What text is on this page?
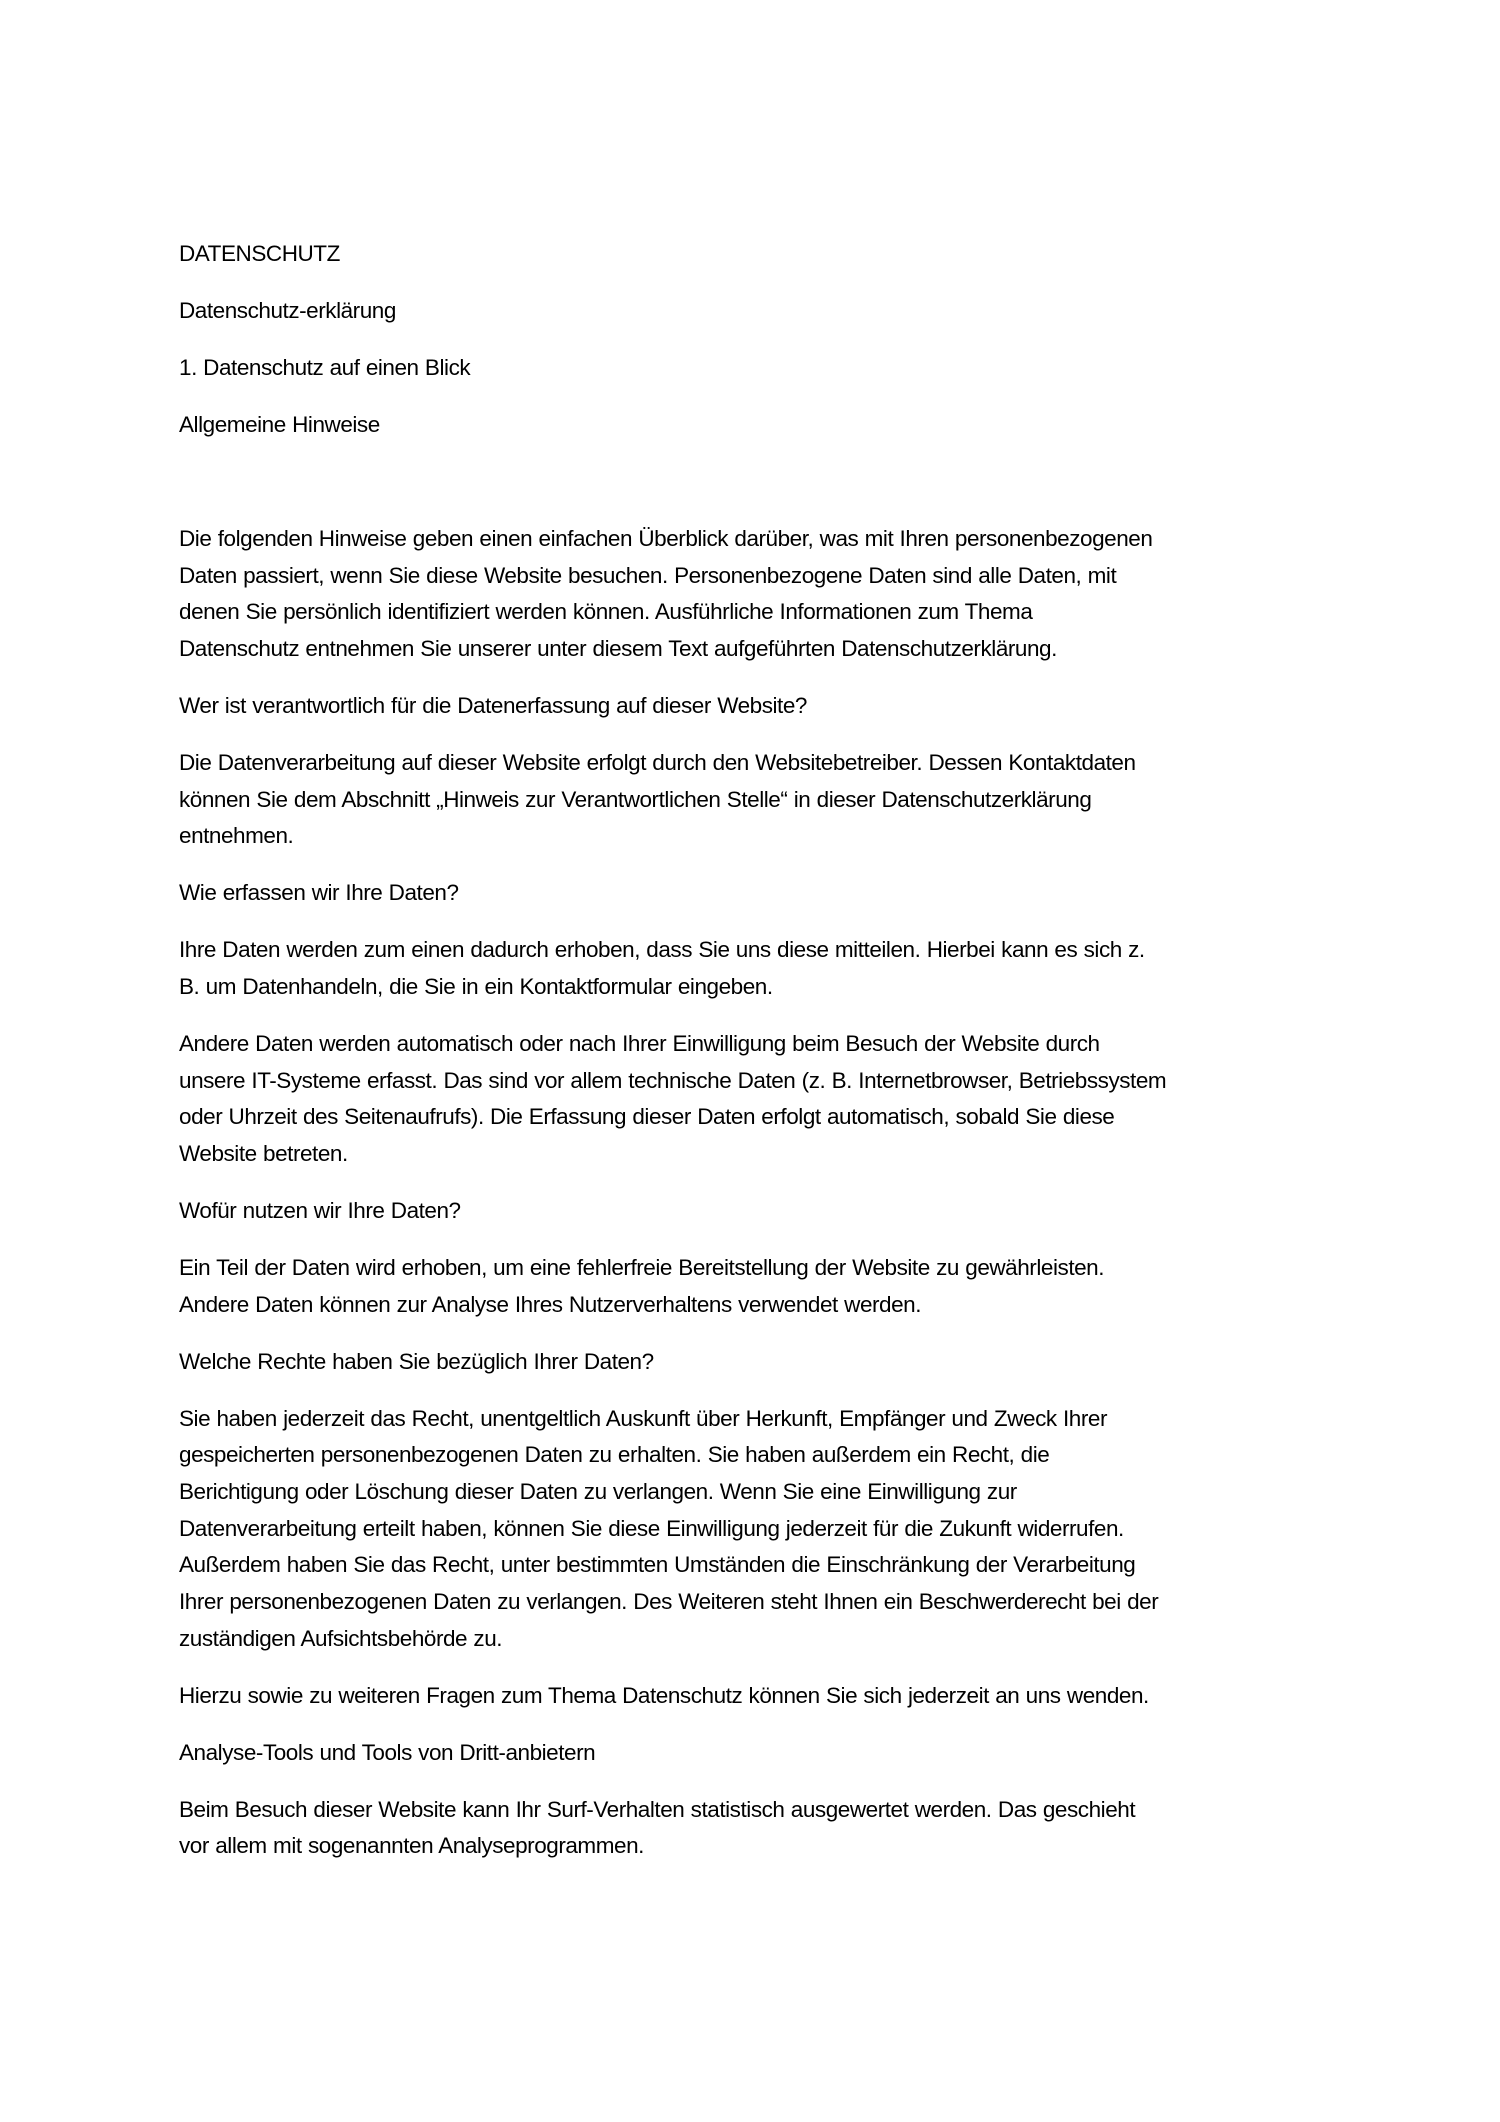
DATENSCHUTZ

Datenschutz-erklärung

1. Datenschutz auf einen Blick

Allgemeine Hinweise

Die folgenden Hinweise geben einen einfachen Überblick darüber, was mit Ihren personenbezogenen
Daten passiert, wenn Sie diese Website besuchen. Personenbezogene Daten sind alle Daten, mit
denen Sie persönlich identifiziert werden können. Ausführliche Informationen zum Thema
Datenschutz entnehmen Sie unserer unter diesem Text aufgeführten Datenschutzerklärung.

Wer ist verantwortlich für die Datenerfassung auf dieser Website?

Die Datenverarbeitung auf dieser Website erfolgt durch den Websitebetreiber. Dessen Kontaktdaten
können Sie dem Abschnitt „Hinweis zur Verantwortlichen Stelle“ in dieser Datenschutzerklärung
entnehmen.

Wie erfassen wir Ihre Daten?

Ihre Daten werden zum einen dadurch erhoben, dass Sie uns diese mitteilen. Hierbei kann es sich z.
B. um Datenhandeln, die Sie in ein Kontaktformular eingeben.

Andere Daten werden automatisch oder nach Ihrer Einwilligung beim Besuch der Website durch
unsere IT-Systeme erfasst. Das sind vor allem technische Daten (z. B. Internetbrowser, Betriebssystem
oder Uhrzeit des Seitenaufrufs). Die Erfassung dieser Daten erfolgt automatisch, sobald Sie diese
Website betreten.

Wofür nutzen wir Ihre Daten?

Ein Teil der Daten wird erhoben, um eine fehlerfreie Bereitstellung der Website zu gewährleisten.
Andere Daten können zur Analyse Ihres Nutzerverhaltens verwendet werden.

Welche Rechte haben Sie bezüglich Ihrer Daten?

Sie haben jederzeit das Recht, unentgeltlich Auskunft über Herkunft, Empfänger und Zweck Ihrer
gespeicherten personenbezogenen Daten zu erhalten. Sie haben außerdem ein Recht, die
Berichtigung oder Löschung dieser Daten zu verlangen. Wenn Sie eine Einwilligung zur
Datenverarbeitung erteilt haben, können Sie diese Einwilligung jederzeit für die Zukunft widerrufen.
Außerdem haben Sie das Recht, unter bestimmten Umständen die Einschränkung der Verarbeitung
Ihrer personenbezogenen Daten zu verlangen. Des Weiteren steht Ihnen ein Beschwerderecht bei der
zuständigen Aufsichtsbehörde zu.

Hierzu sowie zu weiteren Fragen zum Thema Datenschutz können Sie sich jederzeit an uns wenden.

Analyse-Tools und Tools von Dritt-anbietern

Beim Besuch dieser Website kann Ihr Surf-Verhalten statistisch ausgewertet werden. Das geschieht
vor allem mit sogenannten Analyseprogrammen.
